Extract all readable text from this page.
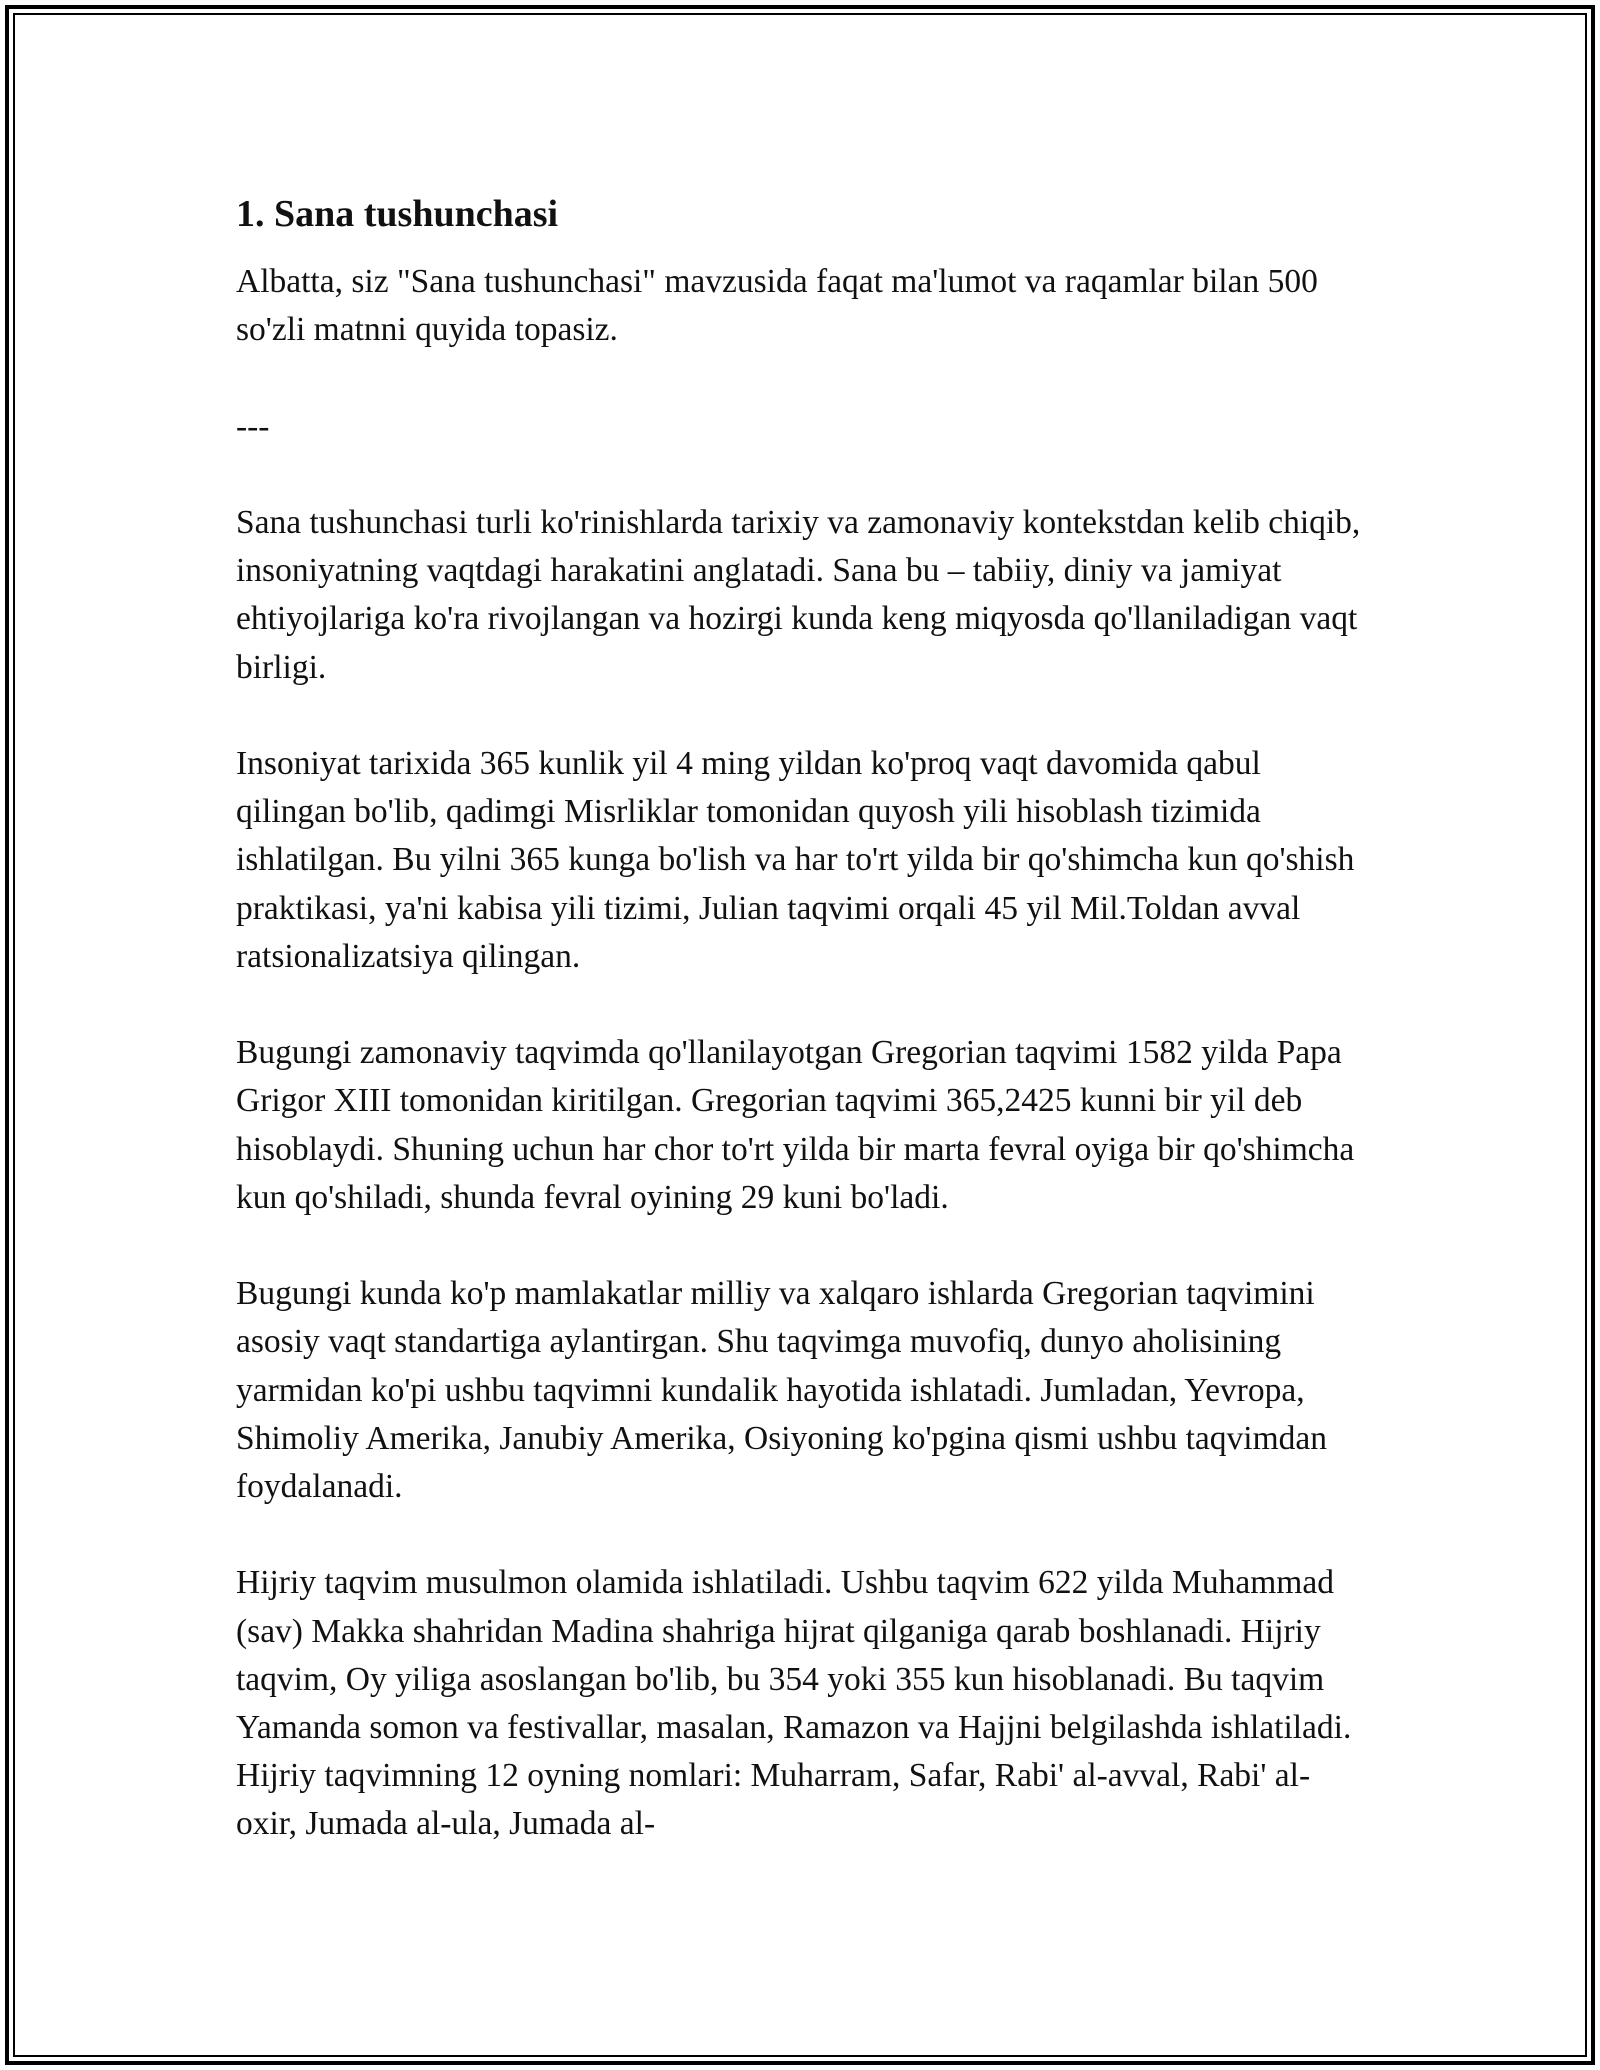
1. Sana tushunchasi

Albatta, siz "Sana tushunchasi" mavzusida faqat ma'lumot va raqamlar bilan 500 so'zli matnni quyida topasiz.

---

Sana tushunchasi turli ko'rinishlarda tarixiy va zamonaviy kontekstdan kelib chiqib, insoniyatning vaqtdagi harakatini anglatadi. Sana bu – tabiiy, diniy va jamiyat ehtiyojlariga ko'ra rivojlangan va hozirgi kunda keng miqyosda qo'llaniladigan vaqt birligi.

Insoniyat tarixida 365 kunlik yil 4 ming yildan ko'proq vaqt davomida qabul qilingan bo'lib, qadimgi Misrliklar tomonidan quyosh yili hisoblash tizimida ishlatilgan. Bu yilni 365 kunga bo'lish va har to'rt yilda bir qo'shimcha kun qo'shish praktikasi, ya'ni kabisa yili tizimi, Julian taqvimi orqali 45 yil Mil.Toldan avval ratsionalizatsiya qilingan.

Bugungi zamonaviy taqvimda qo'llanilayotgan Gregorian taqvimi 1582 yilda Papa Grigor XIII tomonidan kiritilgan. Gregorian taqvimi 365,2425 kunni bir yil deb hisoblaydi. Shuning uchun har chor to'rt yilda bir marta fevral oyiga bir qo'shimcha kun qo'shiladi, shunda fevral oyining 29 kuni bo'ladi.

Bugungi kunda ko'p mamlakatlar milliy va xalqaro ishlarda Gregorian taqvimini asosiy vaqt standartiga aylantirgan. Shu taqvimga muvofiq, dunyo aholisining yarmidan ko'pi ushbu taqvimni kundalik hayotida ishlatadi. Jumladan, Yevropa, Shimoliy Amerika, Janubiy Amerika, Osiyoning ko'pgina qismi ushbu taqvimdan foydalanadi.

Hijriy taqvim musulmon olamida ishlatiladi. Ushbu taqvim 622 yilda Muhammad (sav) Makka shahridan Madina shahriga hijrat qilganiga qarab boshlanadi. Hijriy taqvim, Oy yiliga asoslangan bo'lib, bu 354 yoki 355 kun hisoblanadi. Bu taqvim Yamanda somon va festivallar, masalan, Ramazon va Hajjni belgilashda ishlatiladi. Hijriy taqvimning 12 oyning nomlari: Muharram, Safar, Rabi' al-avval, Rabi' al-oxir, Jumada al-ula, Jumada al-
